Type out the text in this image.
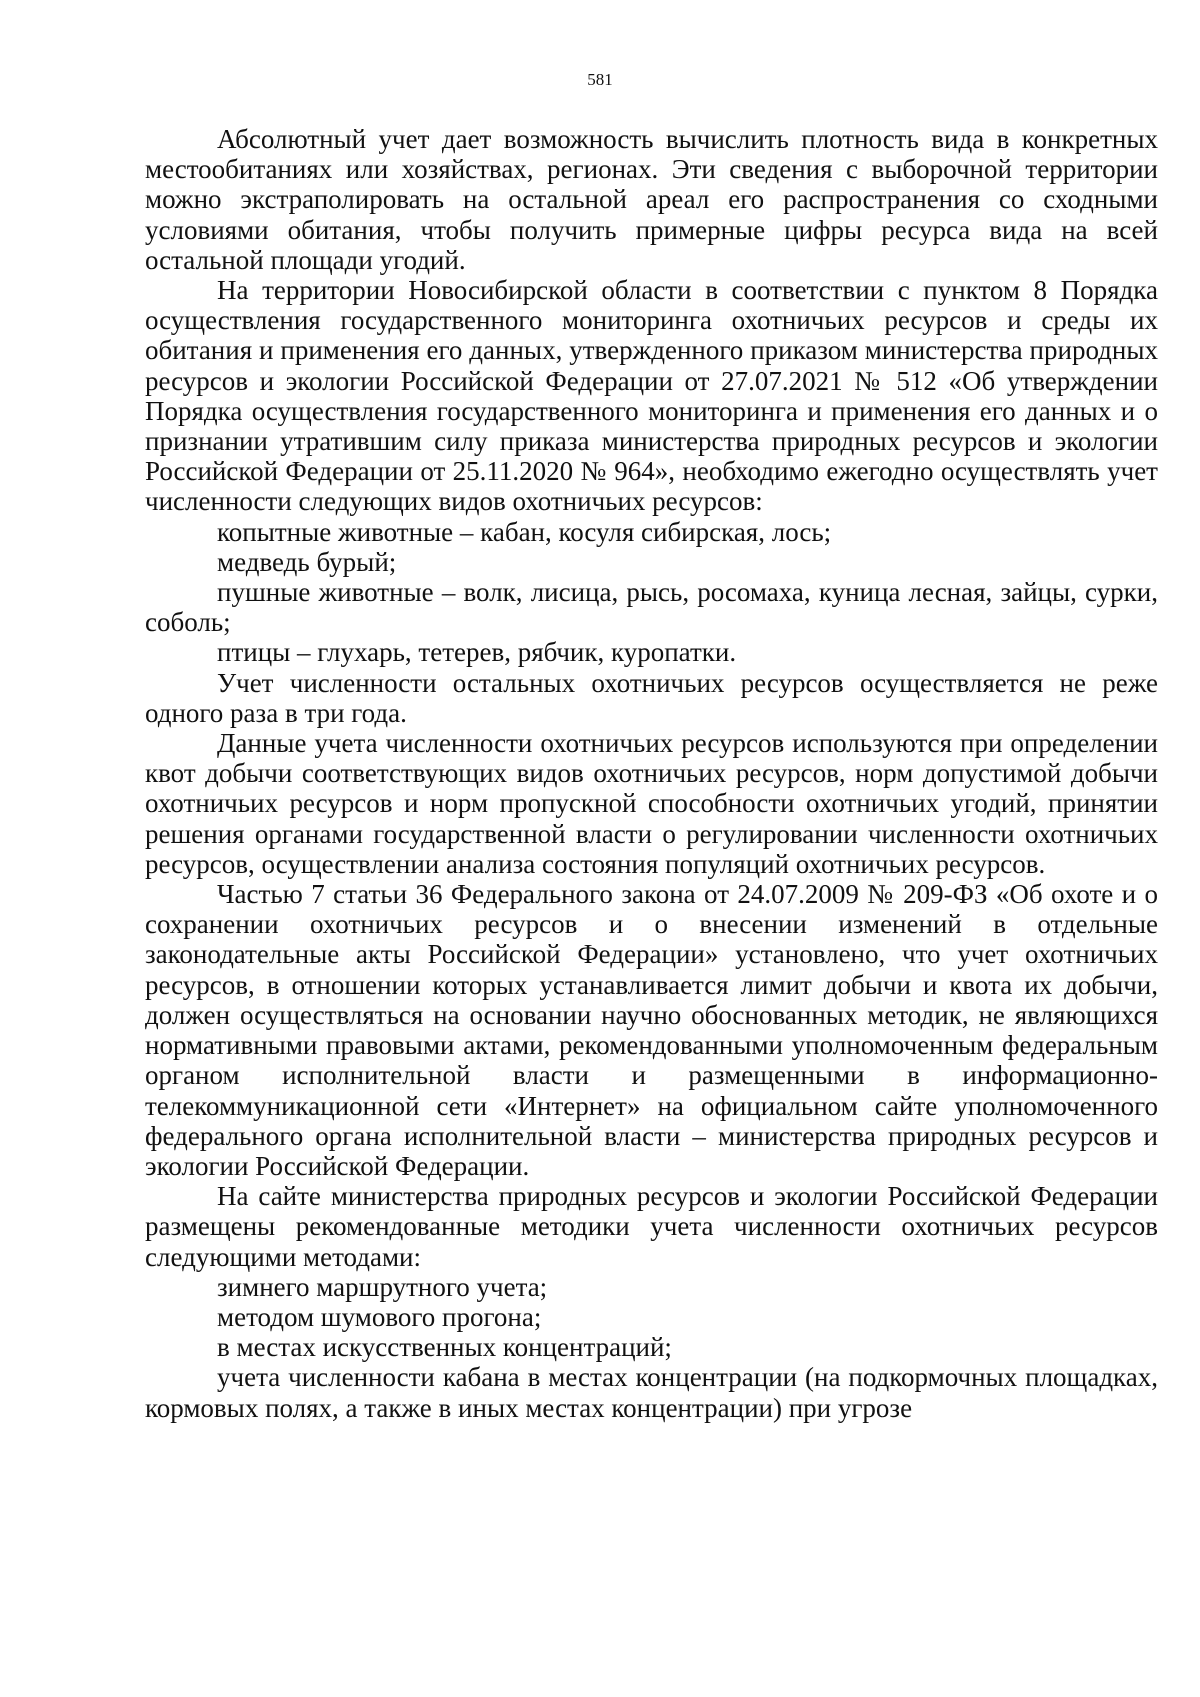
581

Абсолютный учет дает возможность вычислить плотность вида в конкретных местообитаниях или хозяйствах, регионах. Эти сведения с выборочной территории можно экстраполировать на остальной ареал его распространения со сходными условиями обитания, чтобы получить примерные цифры ресурса вида на всей остальной площади угодий.

На территории Новосибирской области в соответствии с пунктом 8 Порядка осуществления государственного мониторинга охотничьих ресурсов и среды их обитания и применения его данных, утвержденного приказом министерства природных ресурсов и экологии Российской Федерации от 27.07.2021 № 512 «Об утверждении Порядка осуществления государственного мониторинга и применения его данных и о признании утратившим силу приказа министерства природных ресурсов и экологии Российской Федерации от 25.11.2020 № 964», необходимо ежегодно осуществлять учет численности следующих видов охотничьих ресурсов:

копытные животные – кабан, косуля сибирская, лось;

медведь бурый;

пушные животные – волк, лисица, рысь, росомаха, куница лесная, зайцы, сурки, соболь;

птицы – глухарь, тетерев, рябчик, куропатки.

Учет численности остальных охотничьих ресурсов осуществляется не реже одного раза в три года.

Данные учета численности охотничьих ресурсов используются при определении квот добычи соответствующих видов охотничьих ресурсов, норм допустимой добычи охотничьих ресурсов и норм пропускной способности охотничьих угодий, принятии решения органами государственной власти о регулировании численности охотничьих ресурсов, осуществлении анализа состояния популяций охотничьих ресурсов.

Частью 7 статьи 36 Федерального закона от 24.07.2009 № 209-ФЗ «Об охоте и о сохранении охотничьих ресурсов и о внесении изменений в отдельные законодательные акты Российской Федерации» установлено, что учет охотничьих ресурсов, в отношении которых устанавливается лимит добычи и квота их добычи, должен осуществляться на основании научно обоснованных методик, не являющихся нормативными правовыми актами, рекомендованными уполномоченным федеральным органом исполнительной власти и размещенными в информационно-телекоммуникационной сети «Интернет» на официальном сайте уполномоченного федерального органа исполнительной власти – министерства природных ресурсов и экологии Российской Федерации.

На сайте министерства природных ресурсов и экологии Российской Федерации размещены рекомендованные методики учета численности охотничьих ресурсов следующими методами:

зимнего маршрутного учета;

методом шумового прогона;

в местах искусственных концентраций;

учета численности кабана в местах концентрации (на подкормочных площадках, кормовых полях, а также в иных местах концентрации) при угрозе
